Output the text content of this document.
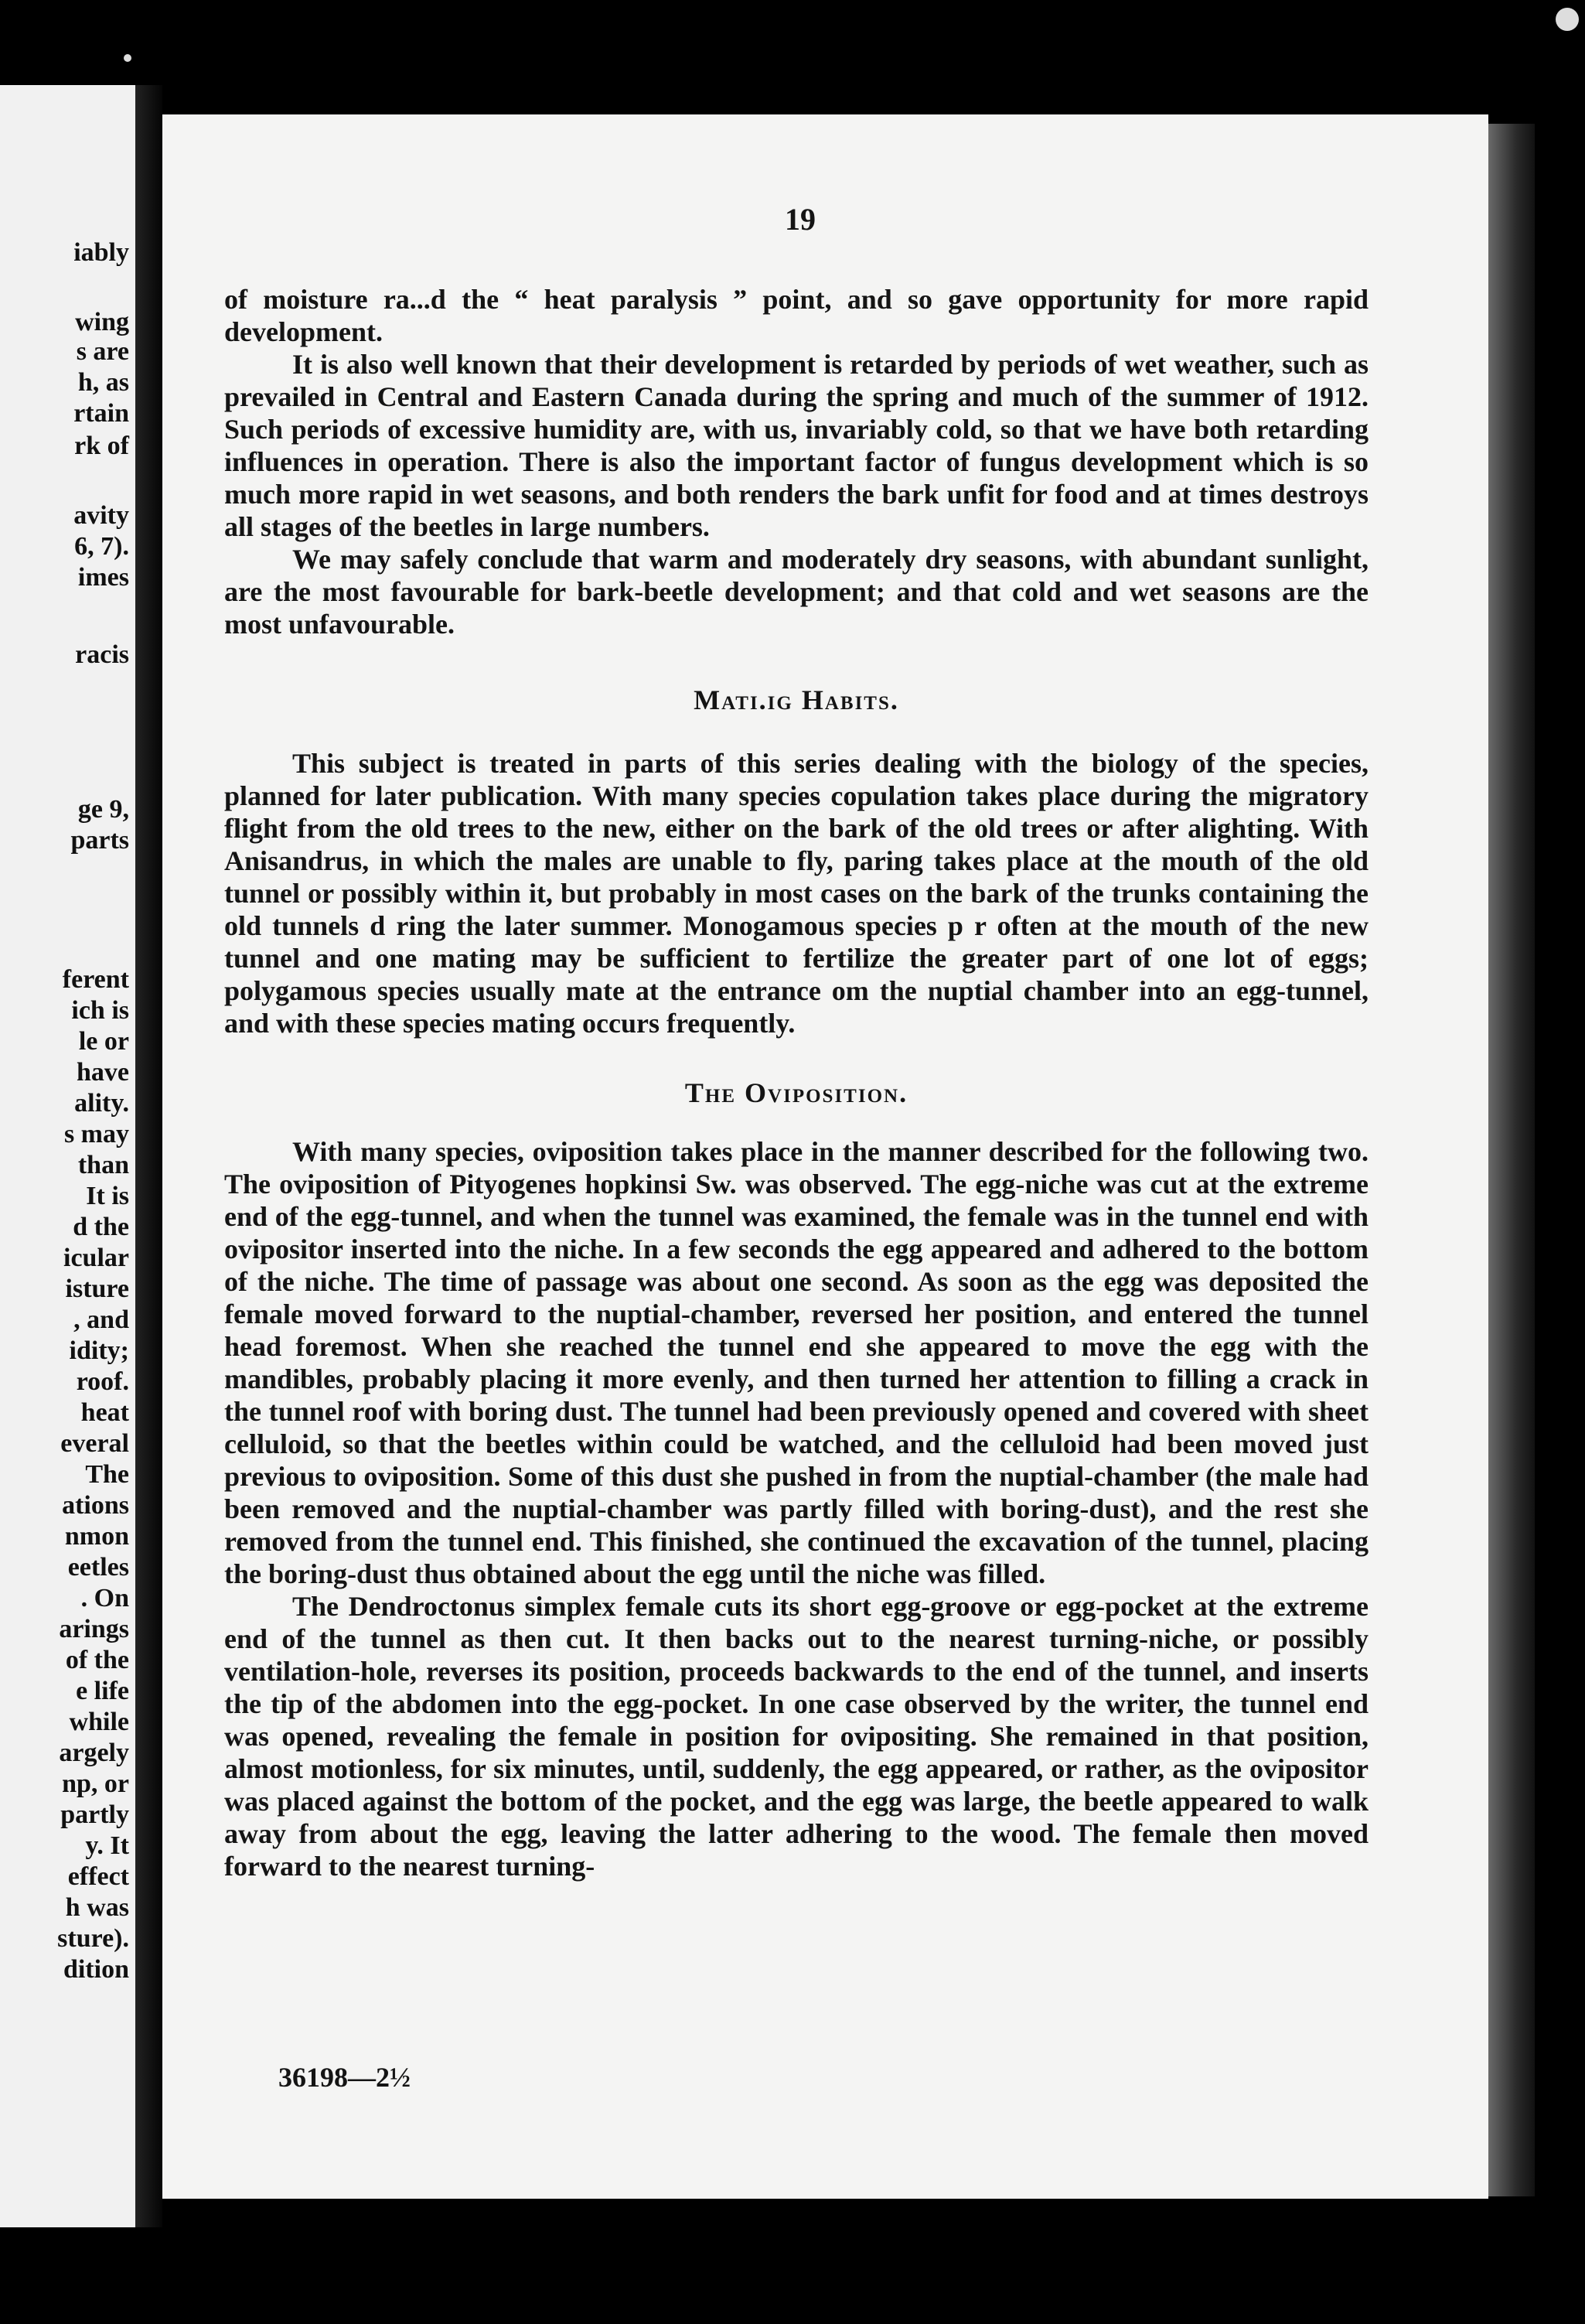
iably
wing
s are
h, as
rtain
rk of
avity
6, 7).
imes
racis
ge 9,
parts
ferent
ich is
le or
have
ality.
s may
than
It is
d the
icular
isture
, and
idity;
roof.
heat
everal
The
ations
nmon
eetles
. On
arings
of the
e life
while
argely
np, or
partly
y. It
effect
h was
sture).
dition
19

of moisture ra...d the “ heat paralysis ” point, and so gave opportunity for more rapid development.

It is also well known that their development is retarded by periods of wet weather, such as prevailed in Central and Eastern Canada during the spring and much of the summer of 1912. Such periods of excessive humidity are, with us, invariably cold, so that we have both retarding influences in operation. There is also the important factor of fungus development which is so much more rapid in wet seasons, and both renders the bark unfit for food and at times destroys all stages of the beetles in large numbers.

We may safely conclude that warm and moderately dry seasons, with abundant sunlight, are the most favourable for bark-beetle development; and that cold and wet seasons are the most unfavourable.

Mati.ig Habits.

This subject is treated in parts of this series dealing with the biology of the species, planned for later publication. With many species copulation takes place during the migratory flight from the old trees to the new, either on the bark of the old trees or after alighting. With Anisandrus, in which the males are unable to fly, paring takes place at the mouth of the old tunnel or possibly within it, but probably in most cases on the bark of the trunks containing the old tunnels d ring the later summer. Monogamous species p r often at the mouth of the new tunnel and one mating may be sufficient to fertilize the greater part of one lot of eggs; polygamous species usually mate at the entrance om the nuptial chamber into an egg-tunnel, and with these species mating occurs frequently.

The Oviposition.

With many species, oviposition takes place in the manner described for the following two. The oviposition of Pityogenes hopkinsi Sw. was observed. The egg-niche was cut at the extreme end of the egg-tunnel, and when the tunnel was examined, the female was in the tunnel end with ovipositor inserted into the niche. In a few seconds the egg appeared and adhered to the bottom of the niche. The time of passage was about one second. As soon as the egg was deposited the female moved forward to the nuptial-chamber, reversed her position, and entered the tunnel head foremost. When she reached the tunnel end she appeared to move the egg with the mandibles, probably placing it more evenly, and then turned her attention to filling a crack in the tunnel roof with boring dust. The tunnel had been previously opened and covered with sheet celluloid, so that the beetles within could be watched, and the celluloid had been moved just previous to oviposition. Some of this dust she pushed in from the nuptial-chamber (the male had been removed and the nuptial-chamber was partly filled with boring-dust), and the rest she removed from the tunnel end. This finished, she continued the excavation of the tunnel, placing the boring-dust thus obtained about the egg until the niche was filled.

The Dendroctonus simplex female cuts its short egg-groove or egg-pocket at the extreme end of the tunnel as then cut. It then backs out to the nearest turning-niche, or possibly ventilation-hole, reverses its position, proceeds backwards to the end of the tunnel, and inserts the tip of the abdomen into the egg-pocket. In one case observed by the writer, the tunnel end was opened, revealing the female in position for ovipositing. She remained in that position, almost motionless, for six minutes, until, suddenly, the egg appeared, or rather, as the ovipositor was placed against the bottom of the pocket, and the egg was large, the beetle appeared to walk away from about the egg, leaving the latter adhering to the wood. The female then moved forward to the nearest turning-

36198—2½
